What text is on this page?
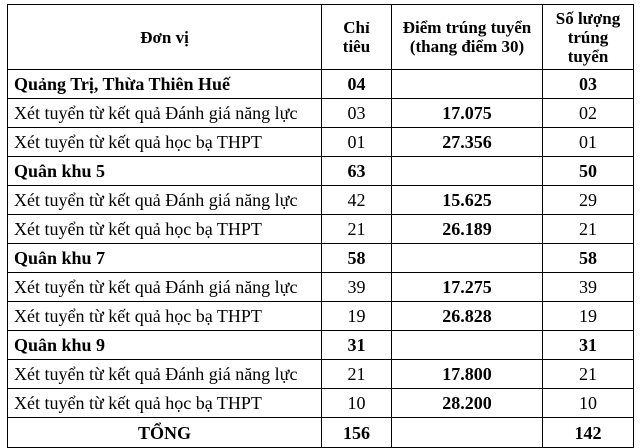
Đơn vị	Chỉ tiêu	Điểm trúng tuyển (thang điểm 30)	Số lượng trúng tuyển
Quảng Trị, Thừa Thiên Huế	04		03
Xét tuyển từ kết quả Đánh giá năng lực	03	17.075	02
Xét tuyển từ kết quả học bạ THPT	01	27.356	01
Quân khu 5	63		50
Xét tuyển từ kết quả Đánh giá năng lực	42	15.625	29
Xét tuyển từ kết quả học bạ THPT	21	26.189	21
Quân khu 7	58		58
Xét tuyển từ kết quả Đánh giá năng lực	39	17.275	39
Xét tuyển từ kết quả học bạ THPT	19	26.828	19
Quân khu 9	31		31
Xét tuyển từ kết quả Đánh giá năng lực	21	17.800	21
Xét tuyển từ kết quả học bạ THPT	10	28.200	10
TỔNG	156		142
